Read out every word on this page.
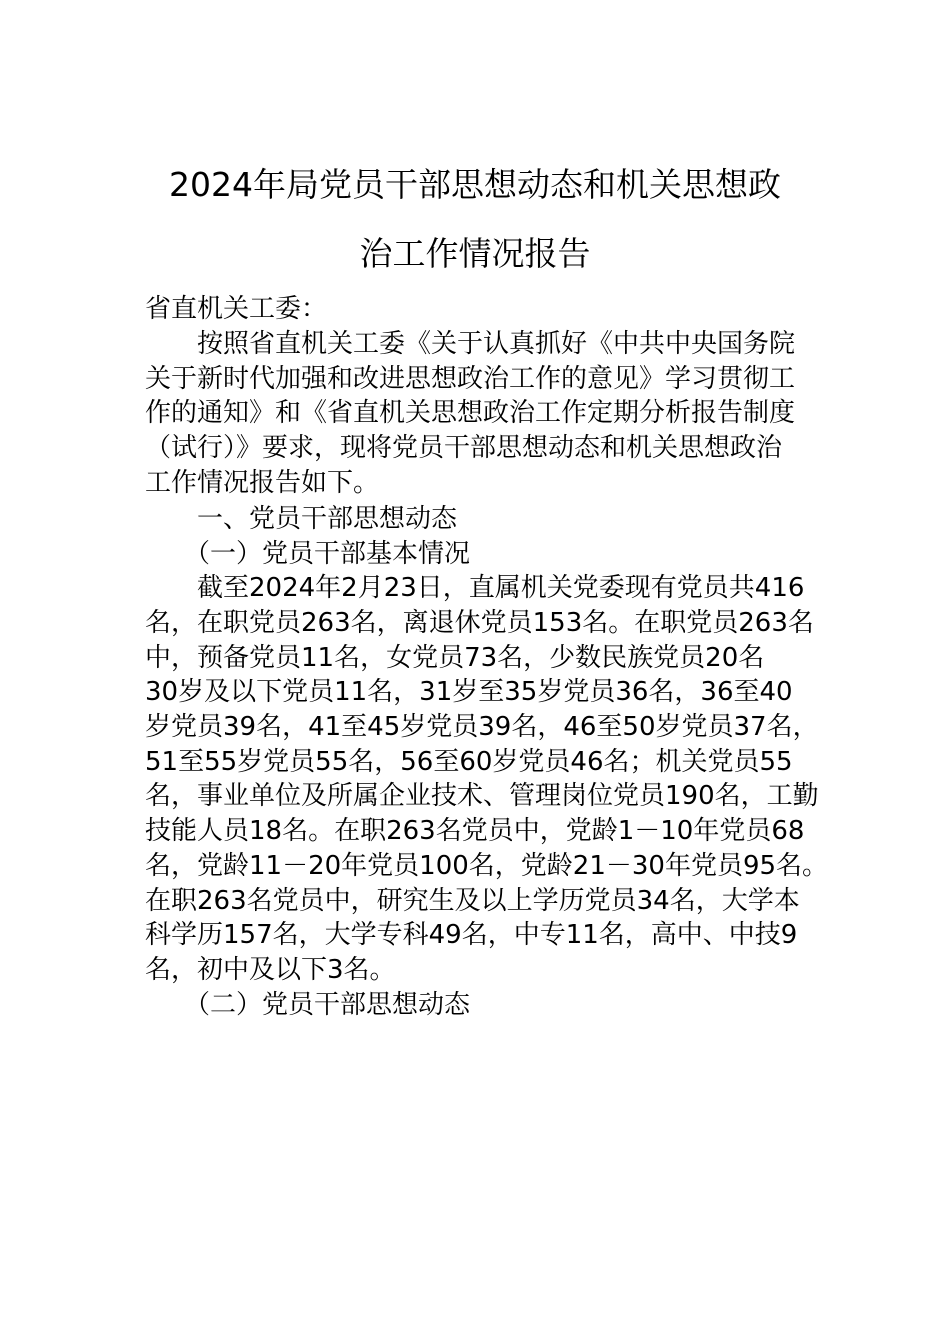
2024年局党员干部思想动态和机关思想政
治工作情况报告
省直机关工委：
　　按照省直机关工委《关于认真抓好《中共中央国务院
关于新时代加强和改进思想政治工作的意见》学习贯彻工
作的通知》和《省直机关思想政治工作定期分析报告制度
（试行）》要求，现将党员干部思想动态和机关思想政治
工作情况报告如下。
　　一、党员干部思想动态
　　（一）党员干部基本情况
　　截至2024年2月23日，直属机关党委现有党员共416
名，在职党员263名，离退休党员153名。在职党员263名
中，预备党员11名，女党员73名，少数民族党员20名
30岁及以下党员11名，31岁至35岁党员36名，36至40
岁党员39名，41至45岁党员39名，46至50岁党员37名，
51至55岁党员55名，56至60岁党员46名；机关党员55
名，事业单位及所属企业技术、管理岗位党员190名，工勤
技能人员18名。在职263名党员中，党龄1－10年党员68
名，党龄11－20年党员100名，党龄21－30年党员95名。
在职263名党员中，研究生及以上学历党员34名，大学本
科学历157名，大学专科49名，中专11名，高中、中技9
名，初中及以下3名。
　　（二）党员干部思想动态
